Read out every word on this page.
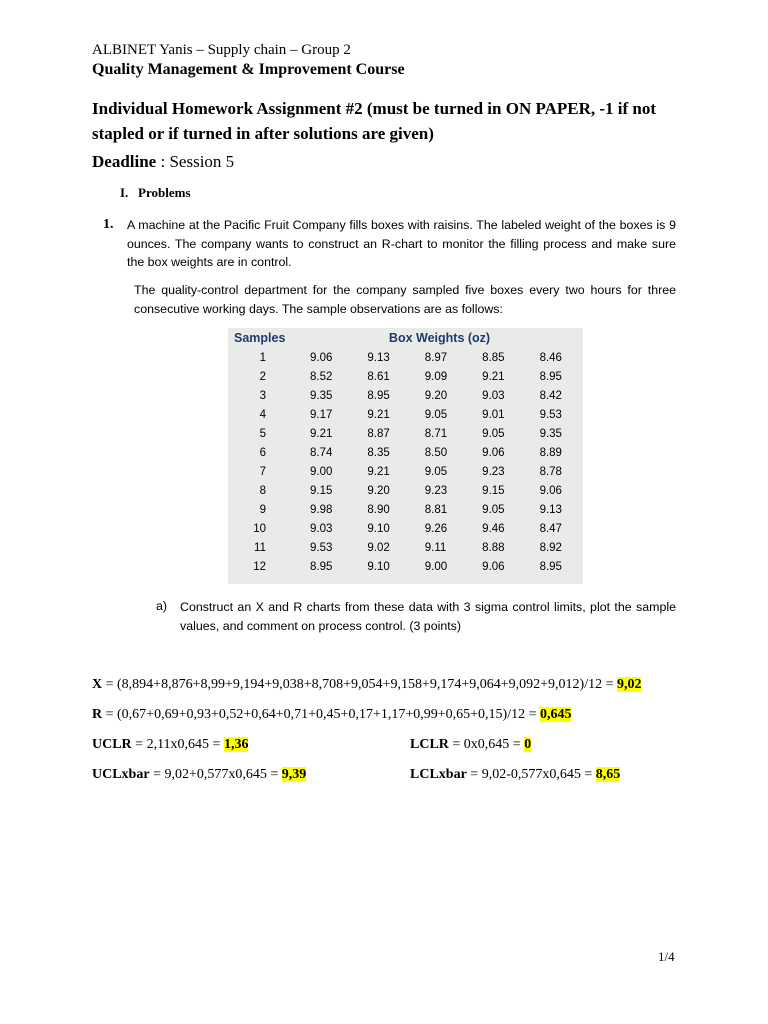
ALBINET Yanis – Supply chain – Group 2
Quality Management & Improvement Course
Individual Homework Assignment #2 (must be turned in ON PAPER, -1 if not stapled or if turned in after solutions are given)
Deadline : Session 5
I.   Problems
1. A machine at the Pacific Fruit Company fills boxes with raisins. The labeled weight of the boxes is 9 ounces. The company wants to construct an R-chart to monitor the filling process and make sure the box weights are in control.
The quality-control department for the company sampled five boxes every two hours for three consecutive working days. The sample observations are as follows:
Samples	Box Weights (oz)				
1	9.06	9.13	8.97	8.85	8.46
2	8.52	8.61	9.09	9.21	8.95
3	9.35	8.95	9.20	9.03	8.42
4	9.17	9.21	9.05	9.01	9.53
5	9.21	8.87	8.71	9.05	9.35
6	8.74	8.35	8.50	9.06	8.89
7	9.00	9.21	9.05	9.23	8.78
8	9.15	9.20	9.23	9.15	9.06
9	9.98	8.90	8.81	9.05	9.13
10	9.03	9.10	9.26	9.46	8.47
11	9.53	9.02	9.11	8.88	8.92
12	8.95	9.10	9.00	9.06	8.95
a) Construct an X and R charts from these data with 3 sigma control limits, plot the sample values, and comment on process control. (3 points)
X = (8,894+8,876+8,99+9,194+9,038+8,708+9,054+9,158+9,174+9,064+9,092+9,012)/12 = 9,02
R = (0,67+0,69+0,93+0,52+0,64+0,71+0,45+0,17+1,17+0,99+0,65+0,15)/12 = 0,645
UCLR = 2,11x0,645 = 1,36	LCLR = 0x0,645 = 0
UCLxbar = 9,02+0,577x0,645 = 9,39	LCLxbar = 9,02-0,577x0,645 = 8,65
1/4
